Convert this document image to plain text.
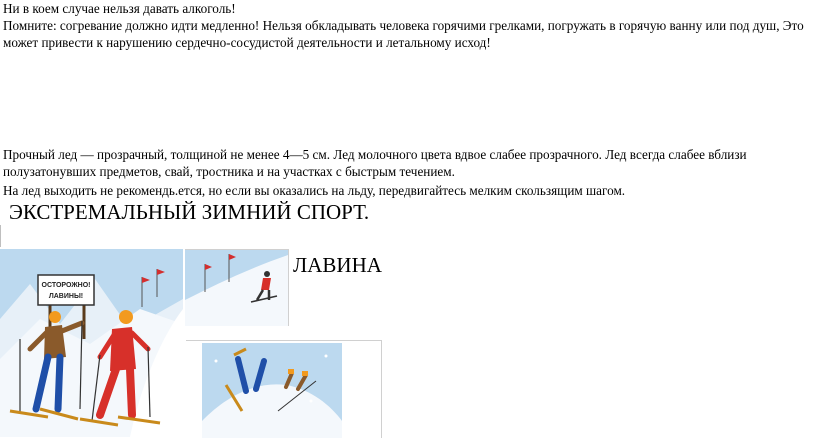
Ни в коем случае нельзя давать алкоголь!

Помните: согревание должно идти медленно! Нельзя обкладывать человека горячими грелками, погружать в горячую ванну или под душ, Это может привести к нарушению сердечно-сосудистой деятельности и летальному исход!

Прочный лед — прозрачный, толщиной не менее 4—5 см. Лед молочного цвета вдвое слабее прозрачного. Лед всегда слабее вблизи полузатонувших предметов, свай, тростника и на участках с быстрым течением.

На лед выходить не рекомендь.ется, но если вы оказались на льду, передвигайтесь мелким скользящим шагом.

ЭКСТРЕМАЛЬНЫЙ ЗИМНИЙ СПОРТ.
ЛАВИНА
ОСТОРОЖНО!
ЛАВИНЫ!
